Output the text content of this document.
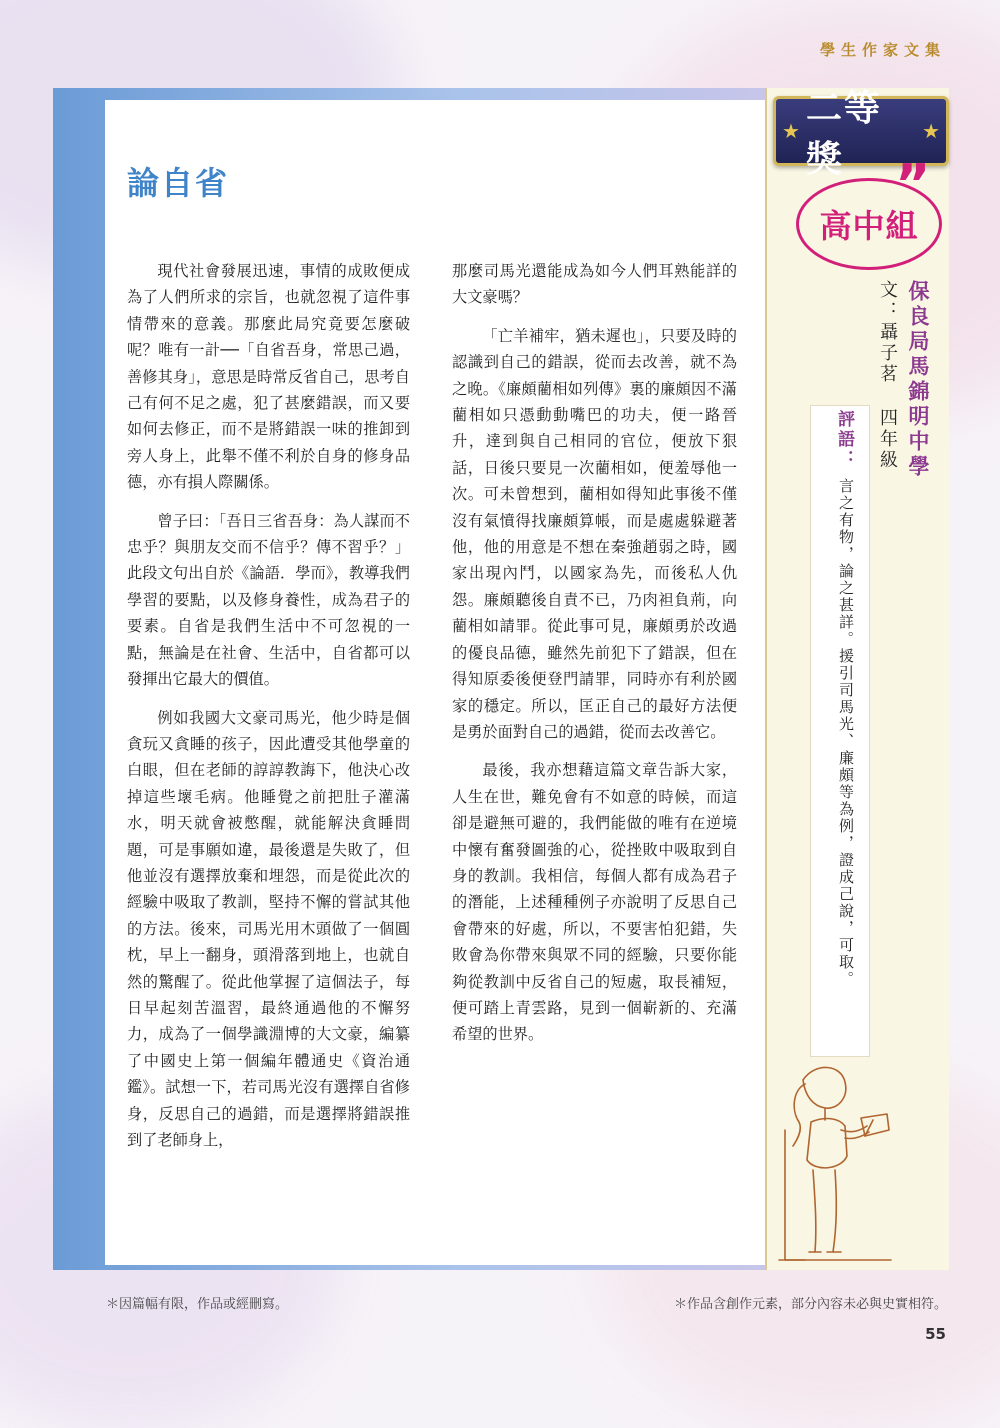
學生作家文集
論自省

現代社會發展迅速，事情的成敗便成為了人們所求的宗旨，也就忽視了這件事情帶來的意義。那麼此局究竟要怎麼破呢？唯有一計──「自省吾身，常思己過，善修其身」，意思是時常反省自己，思考自己有何不足之處，犯了甚麼錯誤，而又要如何去修正，而不是將錯誤一味的推卸到旁人身上，此舉不僅不利於自身的修身品德，亦有損人際關係。

曾子曰：「吾日三省吾身：為人謀而不忠乎？與朋友交而不信乎？傳不習乎？」此段文句出自於《論語．學而》，教導我們學習的要點，以及修身養性，成為君子的要素。自省是我們生活中不可忽視的一點，無論是在社會、生活中，自省都可以發揮出它最大的價值。

例如我國大文豪司馬光，他少時是個貪玩又貪睡的孩子，因此遭受其他學童的白眼，但在老師的諄諄教誨下，他決心改掉這些壞毛病。他睡覺之前把肚子灌滿水，明天就會被憋醒，就能解決貪睡問題，可是事願如違，最後還是失敗了，但他並沒有選擇放棄和埋怨，而是從此次的經驗中吸取了教訓，堅持不懈的嘗試其他的方法。後來，司馬光用木頭做了一個圓枕，早上一翻身，頭滑落到地上，也就自然的驚醒了。從此他掌握了這個法子，每日早起刻苦溫習，最終通過他的不懈努力，成為了一個學識淵博的大文豪，編纂了中國史上第一個編年體通史《資治通鑑》。試想一下，若司馬光沒有選擇自省修身，反思自己的過錯，而是選擇將錯誤推到了老師身上，

那麼司馬光還能成為如今人們耳熟能詳的大文豪嗎？

「亡羊補牢，猶未遲也」，只要及時的認識到自己的錯誤，從而去改善，就不為之晚。《廉頗藺相如列傳》裏的廉頗因不滿藺相如只憑動動嘴巴的功夫，便一路晉升，達到與自己相同的官位，便放下狠話，日後只要見一次藺相如，便羞辱他一次。可未曾想到，藺相如得知此事後不僅沒有氣憤得找廉頗算帳，而是處處躲避著他，他的用意是不想在秦強趙弱之時，國家出現內鬥，以國家為先，而後私人仇怨。廉頗聽後自責不已，乃肉袒負荊，向藺相如請罪。從此事可見，廉頗勇於改過的優良品德，雖然先前犯下了錯誤，但在得知原委後便登門請罪，同時亦有利於國家的穩定。所以，匡正自己的最好方法便是勇於面對自己的過錯，從而去改善它。

最後，我亦想藉這篇文章告訴大家，人生在世，難免會有不如意的時候，而這卻是避無可避的，我們能做的唯有在逆境中懷有奮發圖強的心，從挫敗中吸取到自身的教訓。我相信，每個人都有成為君子的潛能，上述種種例子亦說明了反思自己會帶來的好處，所以，不要害怕犯錯，失敗會為你帶來與眾不同的經驗，只要你能夠從教訓中反省自己的短處，取長補短，便可踏上青雲路，見到一個嶄新的、充滿希望的世界。

★
二等獎
★
高中組
”
保良局馬錦明中學
文：聶子茗
四年級
評語：
言之有物，論之甚詳。援引司馬光、廉頗等為例，證成己說，可取。
＊因篇幅有限，作品或經刪寫。	＊作品含創作元素，部分內容未必與史實相符。
55
